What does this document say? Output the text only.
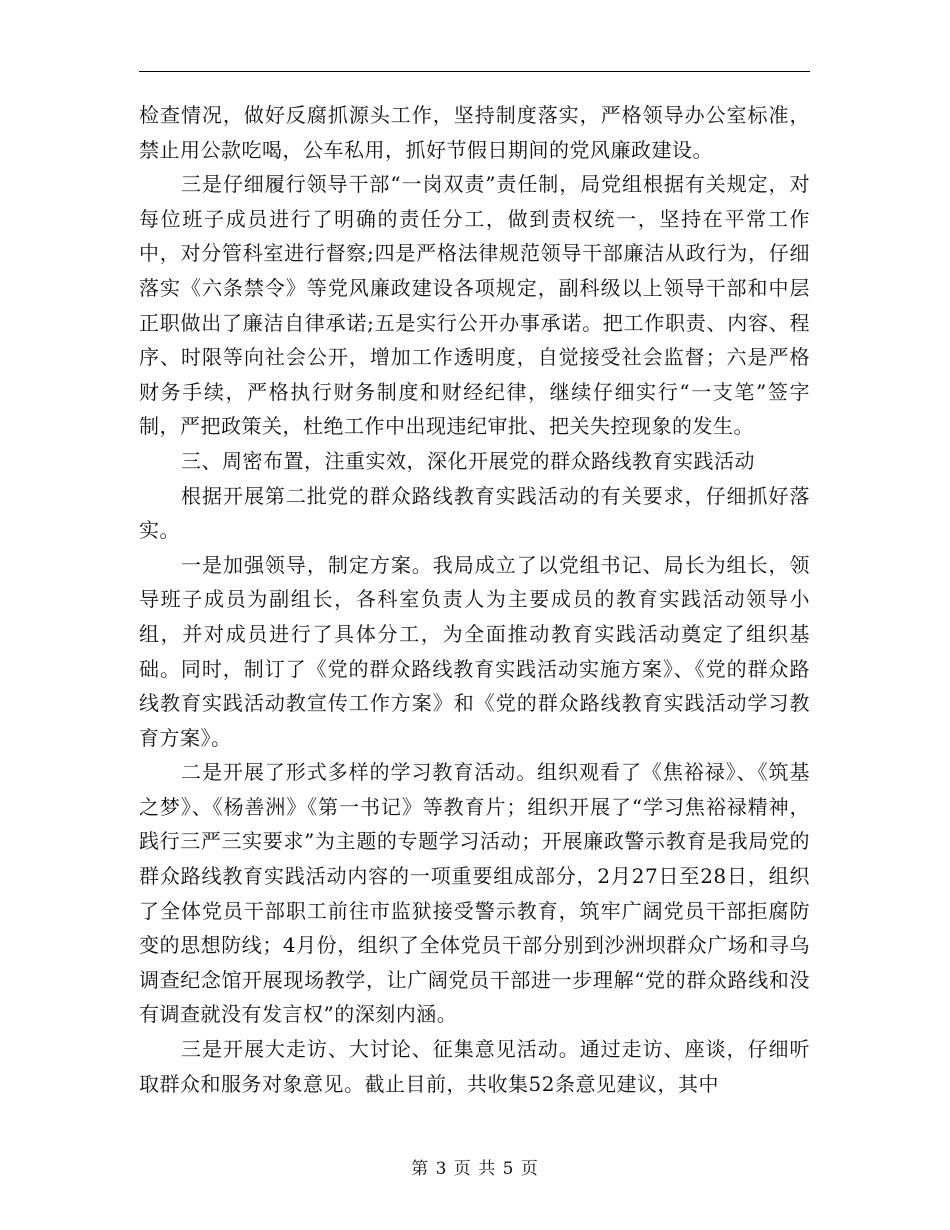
检查情况，做好反腐抓源头工作，坚持制度落实，严格领导办公室标准，禁止用公款吃喝，公车私用，抓好节假日期间的党风廉政建设。

三是仔细履行领导干部“一岗双责”责任制，局党组根据有关规定，对每位班子成员进行了明确的责任分工，做到责权统一，坚持在平常工作中，对分管科室进行督察;四是严格法律规范领导干部廉洁从政行为，仔细落实《六条禁令》等党风廉政建设各项规定，副科级以上领导干部和中层正职做出了廉洁自律承诺;五是实行公开办事承诺。把工作职责、内容、程序、时限等向社会公开，增加工作透明度，自觉接受社会监督；六是严格财务手续，严格执行财务制度和财经纪律，继续仔细实行“一支笔”签字制，严把政策关，杜绝工作中出现违纪审批、把关失控现象的发生。

三、周密布置，注重实效，深化开展党的群众路线教育实践活动

根据开展第二批党的群众路线教育实践活动的有关要求，仔细抓好落实。

一是加强领导，制定方案。我局成立了以党组书记、局长为组长，领导班子成员为副组长，各科室负责人为主要成员的教育实践活动领导小组，并对成员进行了具体分工，为全面推动教育实践活动奠定了组织基础。同时，制订了《党的群众路线教育实践活动实施方案》、《党的群众路线教育实践活动教宣传工作方案》和《党的群众路线教育实践活动学习教育方案》。

二是开展了形式多样的学习教育活动。组织观看了《焦裕禄》、《筑基之梦》、《杨善洲》《第一书记》等教育片；组织开展了“学习焦裕禄精神，践行三严三实要求”为主题的专题学习活动；开展廉政警示教育是我局党的群众路线教育实践活动内容的一项重要组成部分，2月27日至28日，组织了全体党员干部职工前往市监狱接受警示教育，筑牢广阔党员干部拒腐防变的思想防线；4月份，组织了全体党员干部分别到沙洲坝群众广场和寻乌调查纪念馆开展现场教学，让广阔党员干部进一步理解“党的群众路线和没有调查就没有发言权”的深刻内涵。

三是开展大走访、大讨论、征集意见活动。通过走访、座谈，仔细听取群众和服务对象意见。截止目前，共收集52条意见建议，其中

第 3 页 共 5 页
